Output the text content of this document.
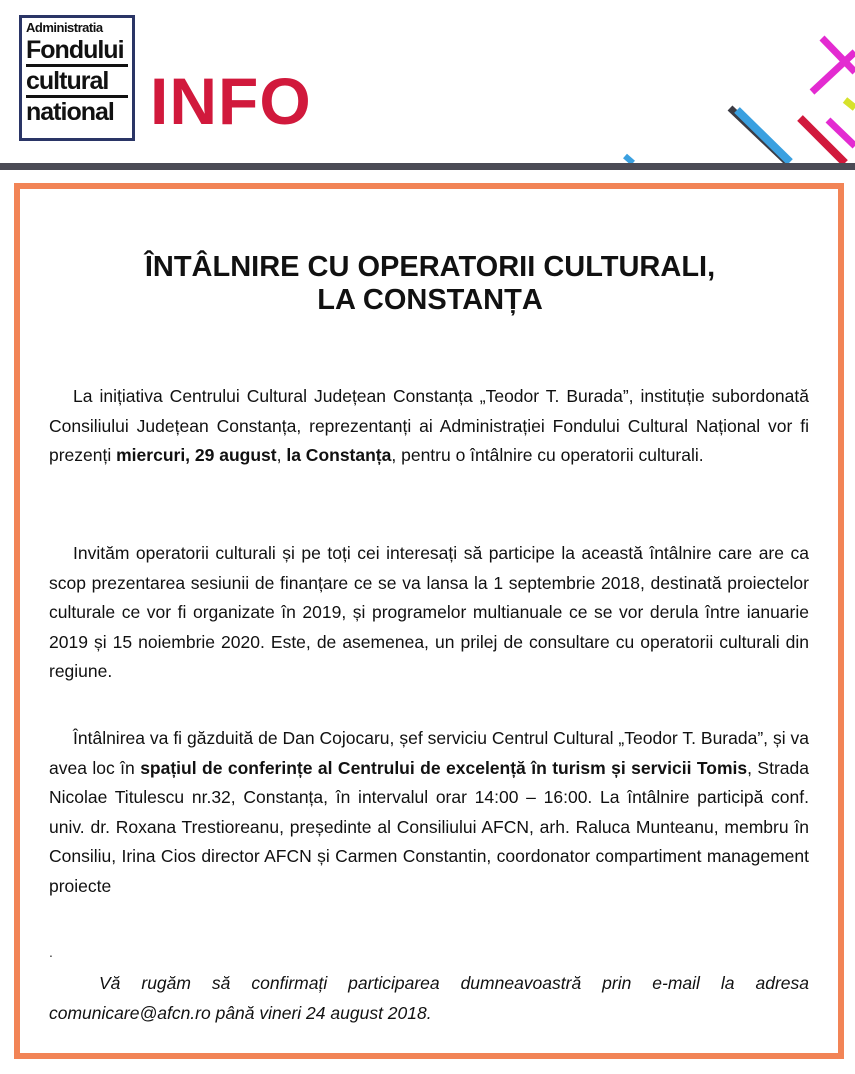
Administratia
Fondului
cultural
national INFO
ÎNTÂLNIRE CU OPERATORII CULTURALI,
LA CONSTANȚA

La inițiativa Centrului Cultural Județean Constanța „Teodor T. Burada”, instituție subordonată Consiliului Județean Constanța, reprezentanți ai Administrației Fondului Cultural Național vor fi prezenți miercuri, 29 august, la Constanța, pentru o întâlnire cu operatorii culturali.

Invităm operatorii culturali și pe toți cei interesați să participe la această întâlnire care are ca scop prezentarea sesiunii de finanțare ce se va lansa la 1 septembrie 2018, destinată proiectelor culturale ce vor fi organizate în 2019, și programelor multianuale ce se vor derula între ianuarie 2019 și 15 noiembrie 2020. Este, de asemenea, un prilej de consultare cu operatorii culturali din regiune.

Întâlnirea va fi găzduită de Dan Cojocaru, șef serviciu Centrul Cultural „Teodor T. Burada”, și va avea loc în spațiul de conferințe al Centrului de excelență în turism și servicii Tomis, Strada Nicolae Titulescu nr.32, Constanța, în intervalul orar 14:00 – 16:00. La întâlnire participă conf. univ. dr. Roxana Trestioreanu, președinte al Consiliului AFCN, arh. Raluca Munteanu, membru în Consiliu, Irina Cios director AFCN și Carmen Constantin, coordonator compartiment management proiecte

.

Vă rugăm să confirmați participarea dumneavoastră prin e-mail la adresa comunicare@afcn.ro până vineri 24 august 2018.
